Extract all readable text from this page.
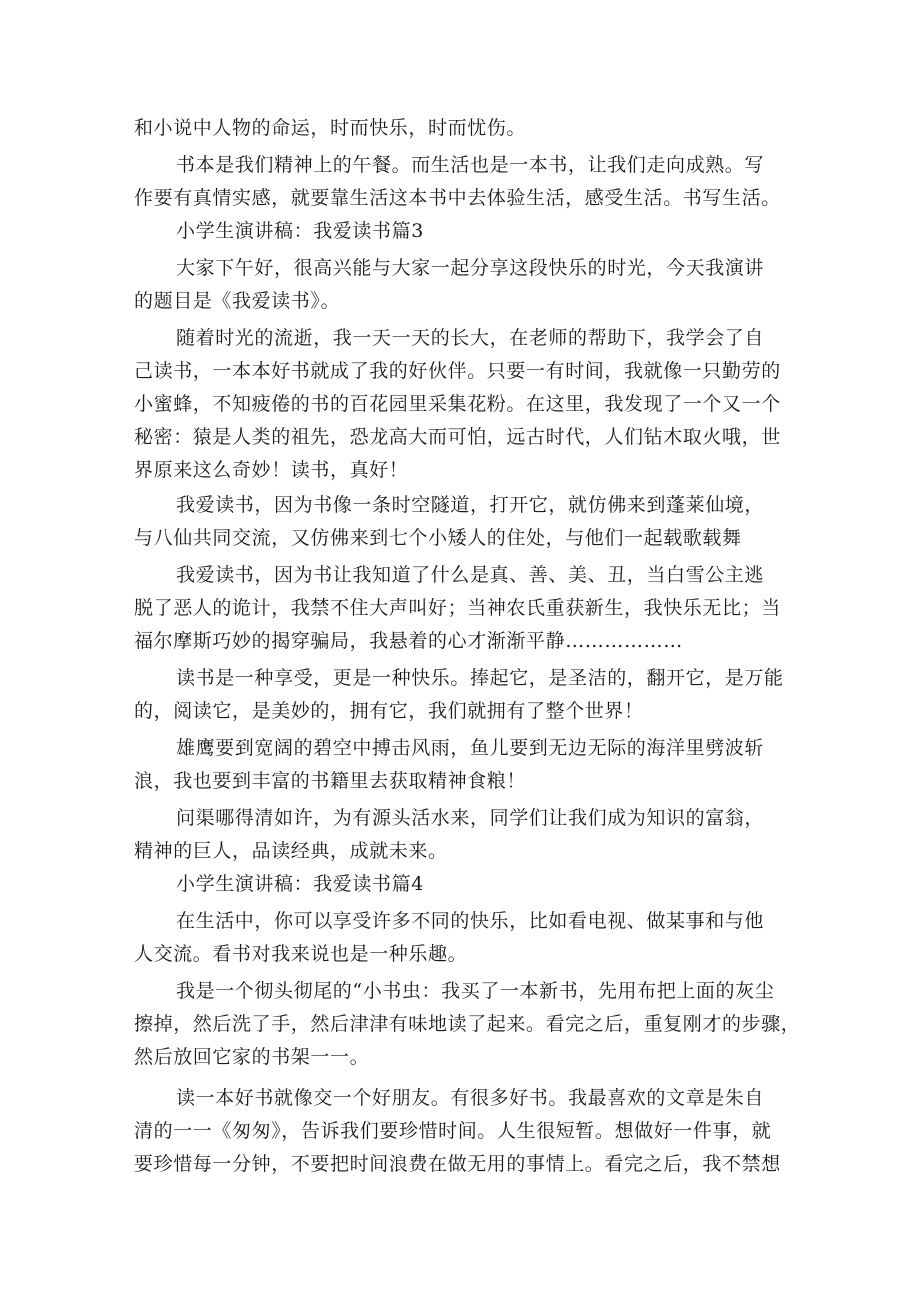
和小说中人物的命运，时而快乐，时而忧伤。
书本是我们精神上的午餐。而生活也是一本书，让我们走向成熟。写
作要有真情实感，就要靠生活这本书中去体验生活，感受生活。书写生活。
小学生演讲稿：我爱读书篇3
大家下午好，很高兴能与大家一起分享这段快乐的时光，今天我演讲
的题目是《我爱读书》。
随着时光的流逝，我一天一天的长大，在老师的帮助下，我学会了自
己读书，一本本好书就成了我的好伙伴。只要一有时间，我就像一只勤劳的
小蜜蜂，不知疲倦的书的百花园里采集花粉。在这里，我发现了一个又一个
秘密：猿是人类的祖先，恐龙高大而可怕，远古时代，人们钻木取火哦，世
界原来这么奇妙！读书，真好！
我爱读书，因为书像一条时空隧道，打开它，就仿佛来到蓬莱仙境，
与八仙共同交流，又仿佛来到七个小矮人的住处，与他们一起载歌载舞
我爱读书，因为书让我知道了什么是真、善、美、丑，当白雪公主逃
脱了恶人的诡计，我禁不住大声叫好；当神农氏重获新生，我快乐无比；当
福尔摩斯巧妙的揭穿骗局，我悬着的心才渐渐平静………………
读书是一种享受，更是一种快乐。捧起它，是圣洁的，翻开它，是万能
的，阅读它，是美妙的，拥有它，我们就拥有了整个世界！
雄鹰要到宽阔的碧空中搏击风雨，鱼儿要到无边无际的海洋里劈波斩
浪，我也要到丰富的书籍里去获取精神食粮！
问渠哪得清如许，为有源头活水来，同学们让我们成为知识的富翁，
精神的巨人，品读经典，成就未来。
小学生演讲稿：我爱读书篇4
在生活中，你可以享受许多不同的快乐，比如看电视、做某事和与他
人交流。看书对我来说也是一种乐趣。
我是一个彻头彻尾的“小书虫：我买了一本新书，先用布把上面的灰尘
擦掉，然后洗了手，然后津津有味地读了起来。看完之后，重复刚才的步骤，
然后放回它家的书架一一。
读一本好书就像交一个好朋友。有很多好书。我最喜欢的文章是朱自
清的一一《匆匆》，告诉我们要珍惜时间。人生很短暂。想做好一件事，就
要珍惜每一分钟，不要把时间浪费在做无用的事情上。看完之后，我不禁想
